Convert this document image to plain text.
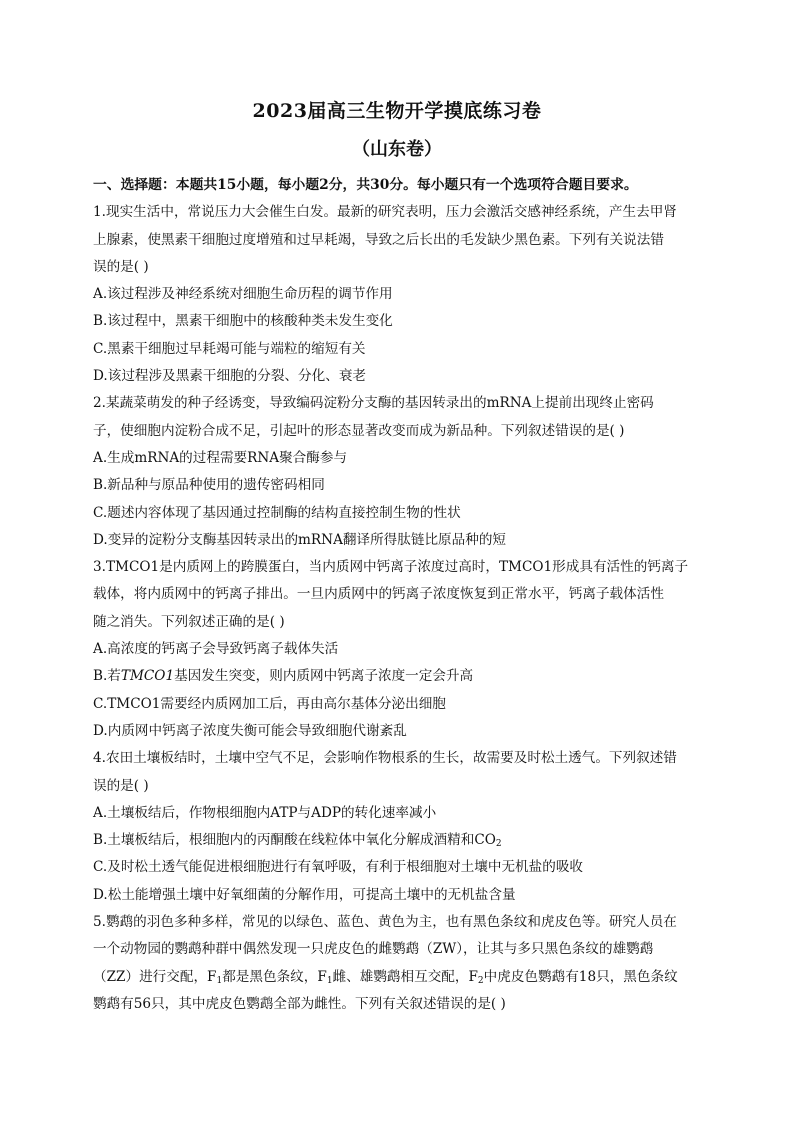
2023届高三生物开学摸底练习卷
（山东卷）
一、选择题：本题共15小题，每小题2分，共30分。每小题只有一个选项符合题目要求。
1.现实生活中，常说压力大会催生白发。最新的研究表明，压力会激活交感神经系统，产生去甲肾
上腺素，使黑素干细胞过度增殖和过早耗竭，导致之后长出的毛发缺少黑色素。下列有关说法错
误的是( )
A.该过程涉及神经系统对细胞生命历程的调节作用
B.该过程中，黑素干细胞中的核酸种类未发生变化
C.黑素干细胞过早耗竭可能与端粒的缩短有关
D.该过程涉及黑素干细胞的分裂、分化、衰老
2.某蔬菜萌发的种子经诱变，导致编码淀粉分支酶的基因转录出的mRNA上提前出现终止密码
子，使细胞内淀粉合成不足，引起叶的形态显著改变而成为新品种。下列叙述错误的是( )
A.生成mRNA的过程需要RNA聚合酶参与
B.新品种与原品种使用的遗传密码相同
C.题述内容体现了基因通过控制酶的结构直接控制生物的性状
D.变异的淀粉分支酶基因转录出的mRNA翻译所得肽链比原品种的短
3.TMCO1是内质网上的跨膜蛋白，当内质网中钙离子浓度过高时，TMCO1形成具有活性的钙离子
载体，将内质网中的钙离子排出。一旦内质网中的钙离子浓度恢复到正常水平，钙离子载体活性
随之消失。下列叙述正确的是( )
A.高浓度的钙离子会导致钙离子载体失活
B.若TMCO1基因发生突变，则内质网中钙离子浓度一定会升高
C.TMCO1需要经内质网加工后，再由高尔基体分泌出细胞
D.内质网中钙离子浓度失衡可能会导致细胞代谢紊乱
4.农田土壤板结时，土壤中空气不足，会影响作物根系的生长，故需要及时松土透气。下列叙述错
误的是( )
A.土壤板结后，作物根细胞内ATP与ADP的转化速率减小
B.土壤板结后，根细胞内的丙酮酸在线粒体中氧化分解成酒精和$CO_2$
C.及时松土透气能促进根细胞进行有氧呼吸，有利于根细胞对土壤中无机盐的吸收
D.松土能增强土壤中好氧细菌的分解作用，可提高土壤中的无机盐含量
5.鹦鹉的羽色多种多样，常见的以绿色、蓝色、黄色为主，也有黑色条纹和虎皮色等。研究人员在
一个动物园的鹦鹉种群中偶然发现一只虎皮色的雌鹦鹉（ZW），让其与多只黑色条纹的雄鹦鹉
（ZZ）进行交配，$F_1$都是黑色条纹，$F_1$雌、雄鹦鹉相互交配，$F_2$中虎皮色鹦鹉有18只，黑色条纹
鹦鹉有56只，其中虎皮色鹦鹉全部为雌性。下列有关叙述错误的是( )
